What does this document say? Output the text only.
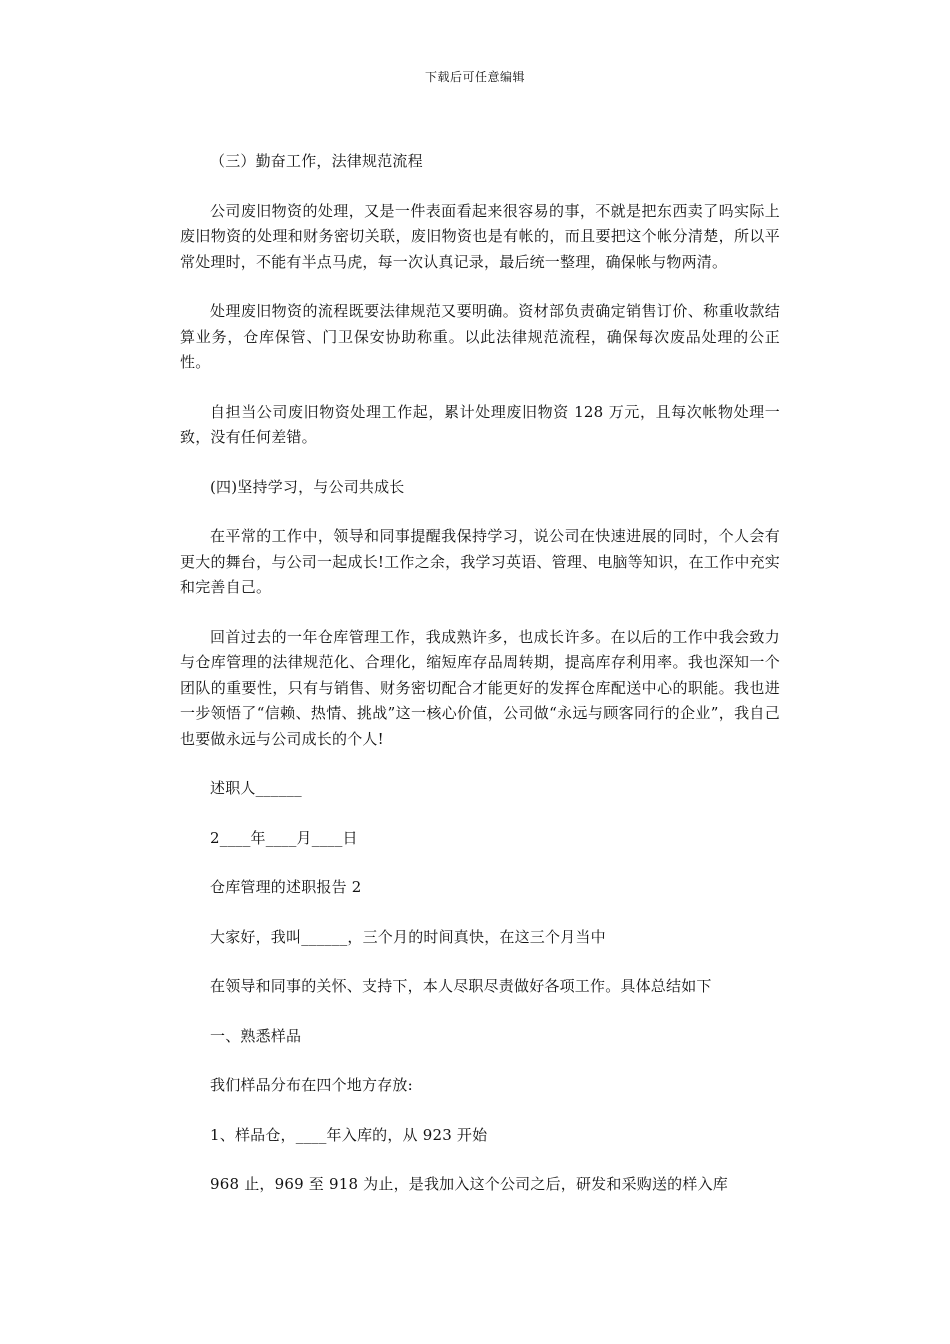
下载后可任意编辑

（三）勤奋工作，法律规范流程

公司废旧物资的处理，又是一件表面看起来很容易的事，不就是把东西卖了吗实际上废旧物资的处理和财务密切关联，废旧物资也是有帐的，而且要把这个帐分清楚，所以平常处理时，不能有半点马虎，每一次认真记录，最后统一整理，确保帐与物两清。

处理废旧物资的流程既要法律规范又要明确。资材部负责确定销售订价、称重收款结算业务，仓库保管、门卫保安协助称重。以此法律规范流程，确保每次废品处理的公正性。

自担当公司废旧物资处理工作起，累计处理废旧物资 128 万元，且每次帐物处理一致，没有任何差错。

(四)坚持学习，与公司共成长

在平常的工作中，领导和同事提醒我保持学习，说公司在快速进展的同时，个人会有更大的舞台，与公司一起成长!工作之余，我学习英语、管理、电脑等知识，在工作中充实和完善自己。

回首过去的一年仓库管理工作，我成熟许多，也成长许多。在以后的工作中我会致力与仓库管理的法律规范化、合理化，缩短库存品周转期，提高库存利用率。我也深知一个团队的重要性，只有与销售、财务密切配合才能更好的发挥仓库配送中心的职能。我也进一步领悟了“信赖、热情、挑战”这一核心价值，公司做“永远与顾客同行的企业”，我自己也要做永远与公司成长的个人!

述职人______

2____年____月____日

仓库管理的述职报告 2

大家好，我叫______，三个月的时间真快，在这三个月当中

在领导和同事的关怀、支持下，本人尽职尽责做好各项工作。具体总结如下

一、熟悉样品

我们样品分布在四个地方存放:

1、样品仓，____年入库的，从 923 开始

968 止，969 至 918 为止，是我加入这个公司之后，研发和采购送的样入库
